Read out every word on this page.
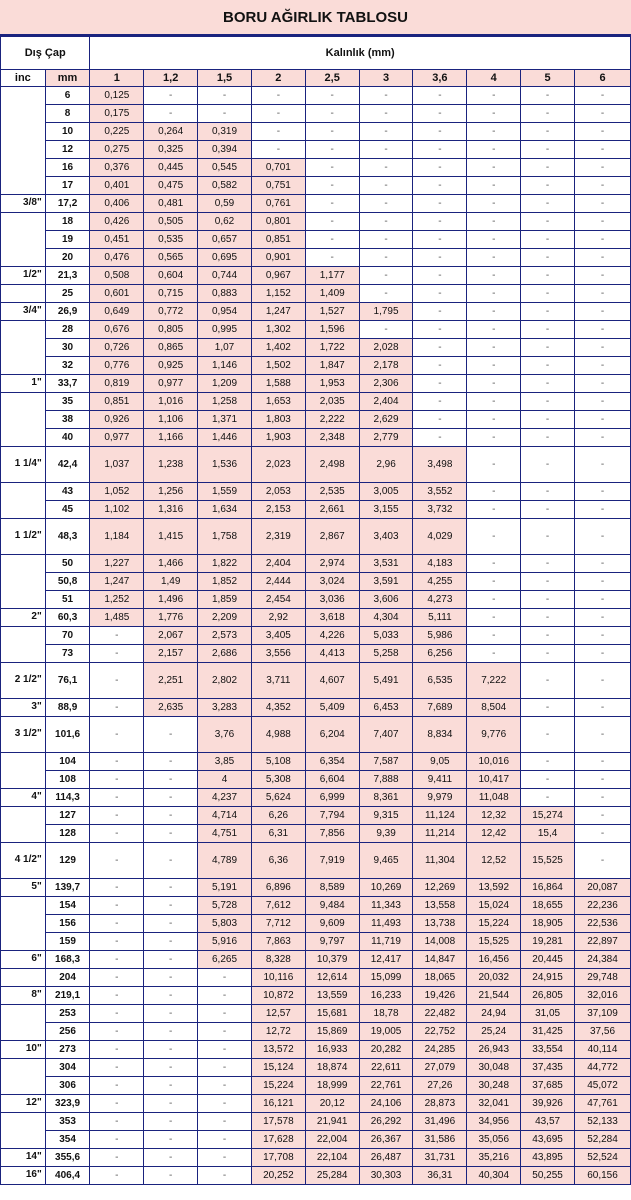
BORU AĞIRLIK TABLOSU
Dış Çap		Kalınlık (mm)									
inc	mm	1	1,2	1,5	2	2,5	3	3,6	4	5	6
	6	0,125	-	-	-	-	-	-	-	-	-
	8	0,175	-	-	-	-	-	-	-	-	-
	10	0,225	0,264	0,319	-	-	-	-	-	-	-
	12	0,275	0,325	0,394	-	-	-	-	-	-	-
	16	0,376	0,445	0,545	0,701	-	-	-	-	-	-
	17	0,401	0,475	0,582	0,751	-	-	-	-	-	-
3/8"	17,2	0,406	0,481	0,59	0,761	-	-	-	-	-	-
	18	0,426	0,505	0,62	0,801	-	-	-	-	-	-
	19	0,451	0,535	0,657	0,851	-	-	-	-	-	-
	20	0,476	0,565	0,695	0,901	-	-	-	-	-	-
1/2"	21,3	0,508	0,604	0,744	0,967	1,177	-	-	-	-	-
	25	0,601	0,715	0,883	1,152	1,409	-	-	-	-	-
3/4"	26,9	0,649	0,772	0,954	1,247	1,527	1,795	-	-	-	-
	28	0,676	0,805	0,995	1,302	1,596	-	-	-	-	-
	30	0,726	0,865	1,07	1,402	1,722	2,028	-	-	-	-
	32	0,776	0,925	1,146	1,502	1,847	2,178	-	-	-	-
1"	33,7	0,819	0,977	1,209	1,588	1,953	2,306	-	-	-	-
	35	0,851	1,016	1,258	1,653	2,035	2,404	-	-	-	-
	38	0,926	1,106	1,371	1,803	2,222	2,629	-	-	-	-
	40	0,977	1,166	1,446	1,903	2,348	2,779	-	-	-	-
1 1/4"	42,4	1,037	1,238	1,536	2,023	2,498	2,96	3,498	-	-	-
	43	1,052	1,256	1,559	2,053	2,535	3,005	3,552	-	-	-
	45	1,102	1,316	1,634	2,153	2,661	3,155	3,732	-	-	-
1 1/2"	48,3	1,184	1,415	1,758	2,319	2,867	3,403	4,029	-	-	-
	50	1,227	1,466	1,822	2,404	2,974	3,531	4,183	-	-	-
	50,8	1,247	1,49	1,852	2,444	3,024	3,591	4,255	-	-	-
	51	1,252	1,496	1,859	2,454	3,036	3,606	4,273	-	-	-
2"	60,3	1,485	1,776	2,209	2,92	3,618	4,304	5,111	-	-	-
	70	-	2,067	2,573	3,405	4,226	5,033	5,986	-	-	-
	73	-	2,157	2,686	3,556	4,413	5,258	6,256	-	-	-
2 1/2"	76,1	-	2,251	2,802	3,711	4,607	5,491	6,535	7,222	-	-
3"	88,9	-	2,635	3,283	4,352	5,409	6,453	7,689	8,504	-	-
3 1/2"	101,6	-	-	3,76	4,988	6,204	7,407	8,834	9,776	-	-
	104	-	-	3,85	5,108	6,354	7,587	9,05	10,016	-	-
	108	-	-	4	5,308	6,604	7,888	9,411	10,417	-	-
4"	114,3	-	-	4,237	5,624	6,999	8,361	9,979	11,048	-	-
	127	-	-	4,714	6,26	7,794	9,315	11,124	12,32	15,274	-
	128	-	-	4,751	6,31	7,856	9,39	11,214	12,42	15,4	-
4 1/2"	129	-	-	4,789	6,36	7,919	9,465	11,304	12,52	15,525	-
5"	139,7	-	-	5,191	6,896	8,589	10,269	12,269	13,592	16,864	20,087
	154	-	-	5,728	7,612	9,484	11,343	13,558	15,024	18,655	22,236
	156	-	-	5,803	7,712	9,609	11,493	13,738	15,224	18,905	22,536
	159	-	-	5,916	7,863	9,797	11,719	14,008	15,525	19,281	22,897
6"	168,3	-	-	6,265	8,328	10,379	12,417	14,847	16,456	20,445	24,384
	204	-	-	-	10,116	12,614	15,099	18,065	20,032	24,915	29,748
8"	219,1	-	-	-	10,872	13,559	16,233	19,426	21,544	26,805	32,016
	253	-	-	-	12,57	15,681	18,78	22,482	24,94	31,05	37,109
	256	-	-	-	12,72	15,869	19,005	22,752	25,24	31,425	37,56
10"	273	-	-	-	13,572	16,933	20,282	24,285	26,943	33,554	40,114
	304	-	-	-	15,124	18,874	22,611	27,079	30,048	37,435	44,772
	306	-	-	-	15,224	18,999	22,761	27,26	30,248	37,685	45,072
12"	323,9	-	-	-	16,121	20,12	24,106	28,873	32,041	39,926	47,761
	353	-	-	-	17,578	21,941	26,292	31,496	34,956	43,57	52,133
	354	-	-	-	17,628	22,004	26,367	31,586	35,056	43,695	52,284
14"	355,6	-	-	-	17,708	22,104	26,487	31,731	35,216	43,895	52,524
16"	406,4	-	-	-	20,252	25,284	30,303	36,31	40,304	50,255	60,156
